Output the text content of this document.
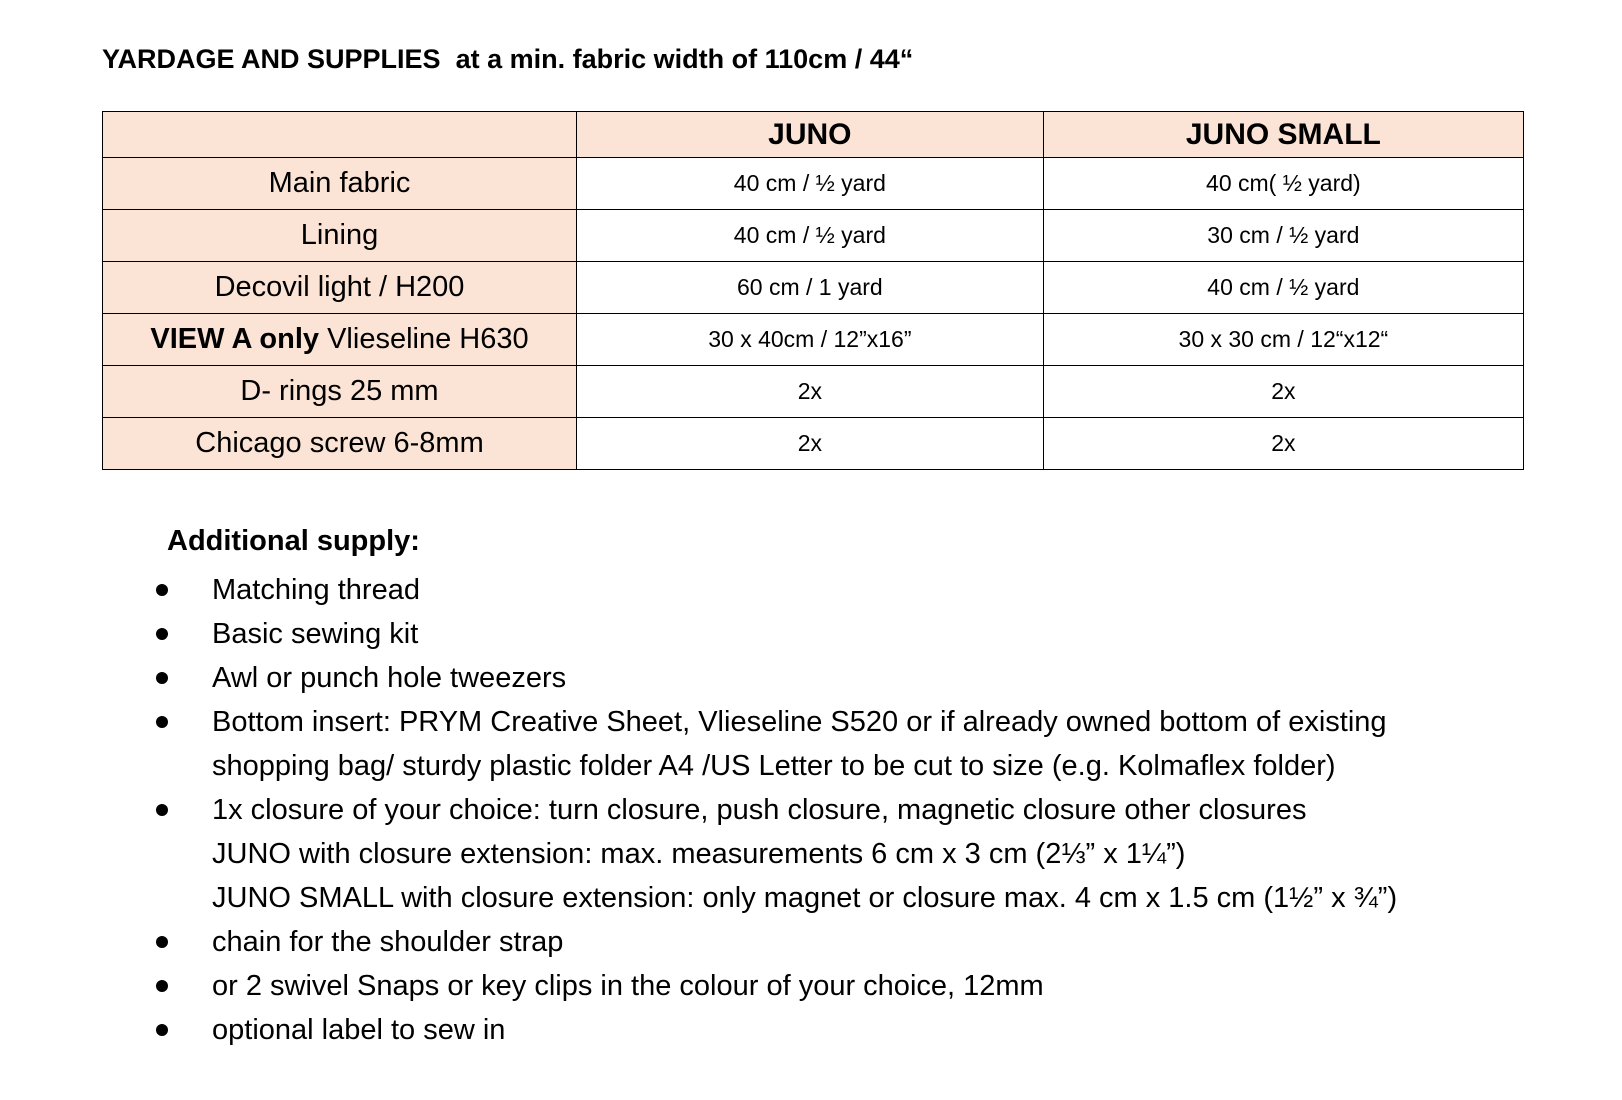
YARDAGE AND SUPPLIES at a min. fabric width of 110cm / 44“
	JUNO	JUNO SMALL
Main fabric	40 cm / ½ yard	40 cm( ½ yard)
Lining	40 cm / ½ yard	30 cm / ½ yard
Decovil light / H200	60 cm / 1 yard	40 cm / ½ yard
VIEW A only Vlieseline H630	30 x 40cm / 12”x16”	30 x 30 cm / 12“x12“
D- rings 25 mm	2x	2x
Chicago screw 6-8mm	2x	2x
Additional supply:
Matching thread
Basic sewing kit
Awl or punch hole tweezers
Bottom insert: PRYM Creative Sheet, Vlieseline S520 or if already owned bottom of existing
shopping bag/ sturdy plastic folder A4 /US Letter to be cut to size (e.g. Kolmaflex folder)
1x closure of your choice: turn closure, push closure, magnetic closure other closures
JUNO with closure extension: max. measurements 6 cm x 3 cm (2⅓” x 1¼”)
JUNO SMALL with closure extension: only magnet or closure max. 4 cm x 1.5 cm (1½” x ¾”)
chain for the shoulder strap
or 2 swivel Snaps or key clips in the colour of your choice, 12mm
optional label to sew in
